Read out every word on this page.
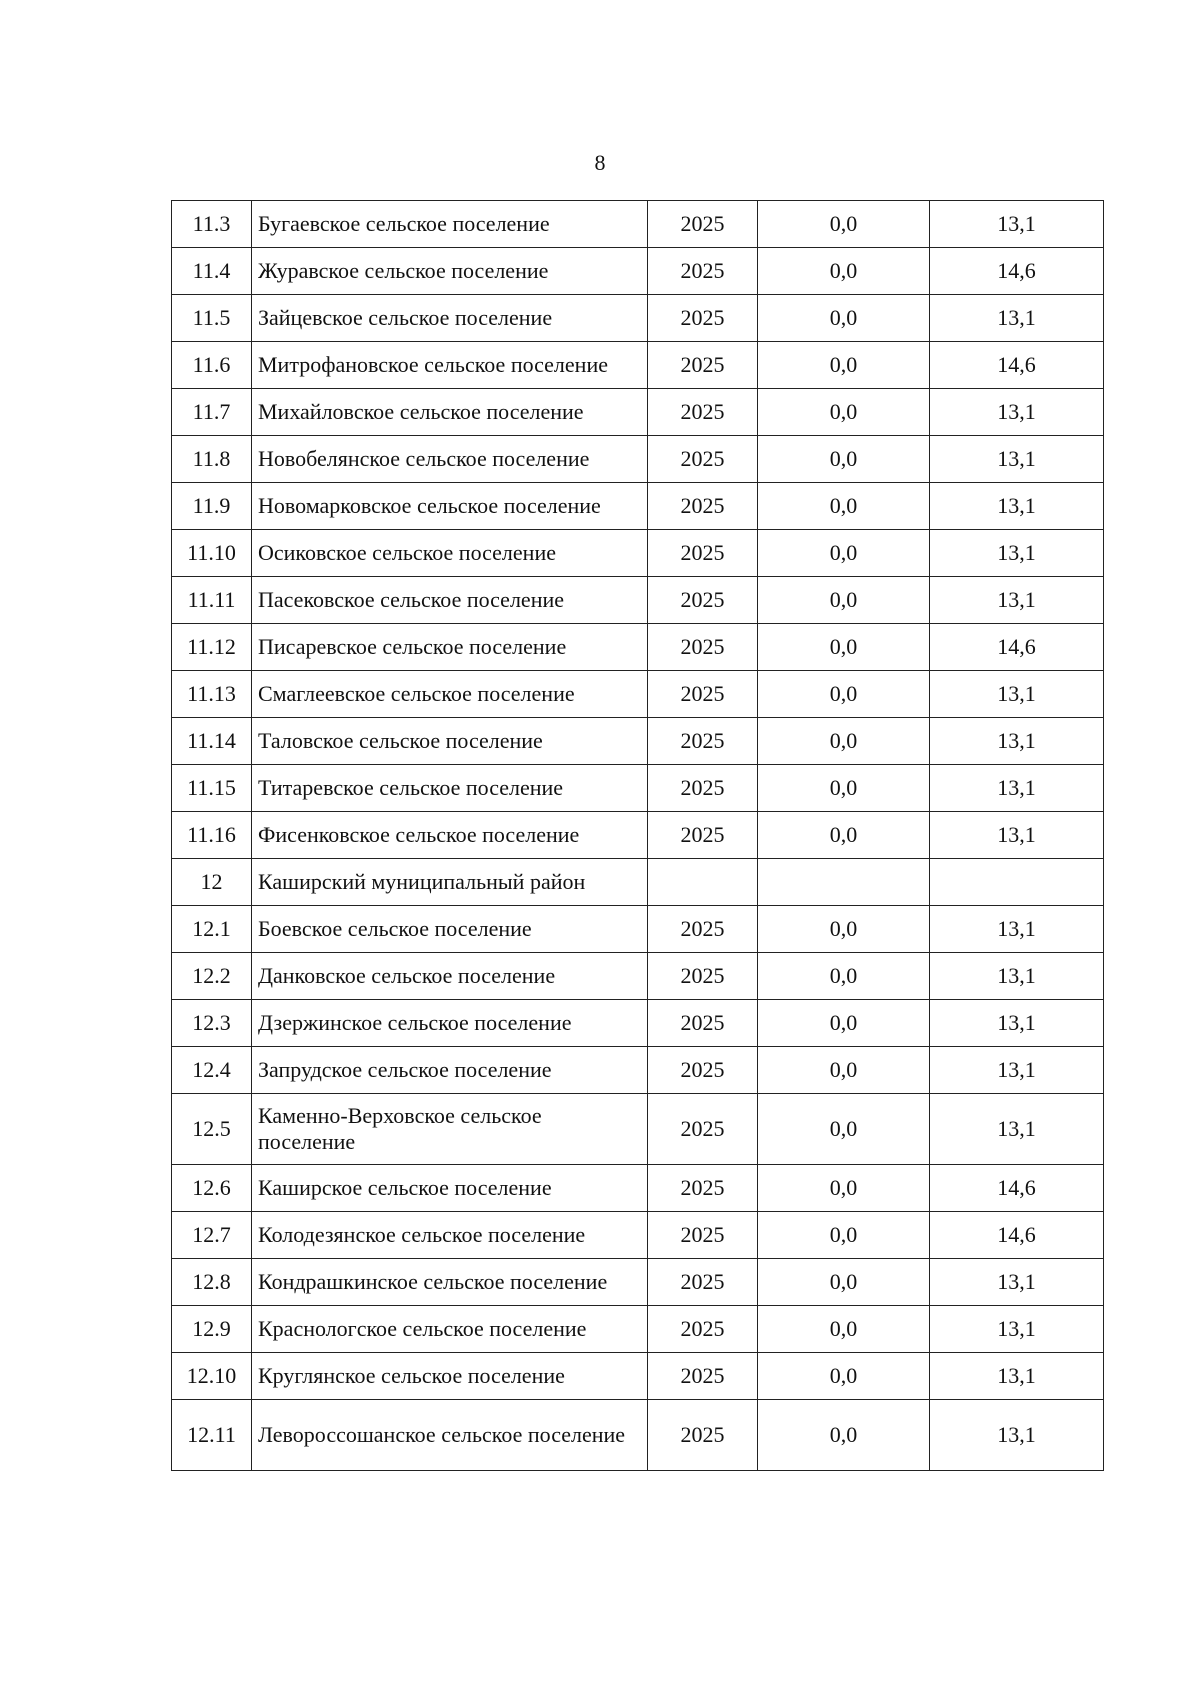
8
11.3	Бугаевское сельское поселение	2025	0,0	13,1
11.4	Журавское сельское поселение	2025	0,0	14,6
11.5	Зайцевское сельское поселение	2025	0,0	13,1
11.6	Митрофановское сельское поселение	2025	0,0	14,6
11.7	Михайловское сельское поселение	2025	0,0	13,1
11.8	Новобелянское сельское поселение	2025	0,0	13,1
11.9	Новомарковское сельское поселение	2025	0,0	13,1
11.10	Осиковское сельское поселение	2025	0,0	13,1
11.11	Пасековское сельское поселение	2025	0,0	13,1
11.12	Писаревское сельское поселение	2025	0,0	14,6
11.13	Смаглеевское сельское поселение	2025	0,0	13,1
11.14	Таловское сельское поселение	2025	0,0	13,1
11.15	Титаревское сельское поселение	2025	0,0	13,1
11.16	Фисенковское сельское поселение	2025	0,0	13,1
12	Каширский муниципальный район			
12.1	Боевское сельское поселение	2025	0,0	13,1
12.2	Данковское сельское поселение	2025	0,0	13,1
12.3	Дзержинское сельское поселение	2025	0,0	13,1
12.4	Запрудское сельское поселение	2025	0,0	13,1
12.5	Каменно-Верховское сельское поселение	2025	0,0	13,1
12.6	Каширское сельское поселение	2025	0,0	14,6
12.7	Колодезянское сельское поселение	2025	0,0	14,6
12.8	Кондрашкинское сельское поселение	2025	0,0	13,1
12.9	Краснологское сельское поселение	2025	0,0	13,1
12.10	Круглянское сельское поселение	2025	0,0	13,1
12.11	Левороссошанское сельское поселение	2025	0,0	13,1
